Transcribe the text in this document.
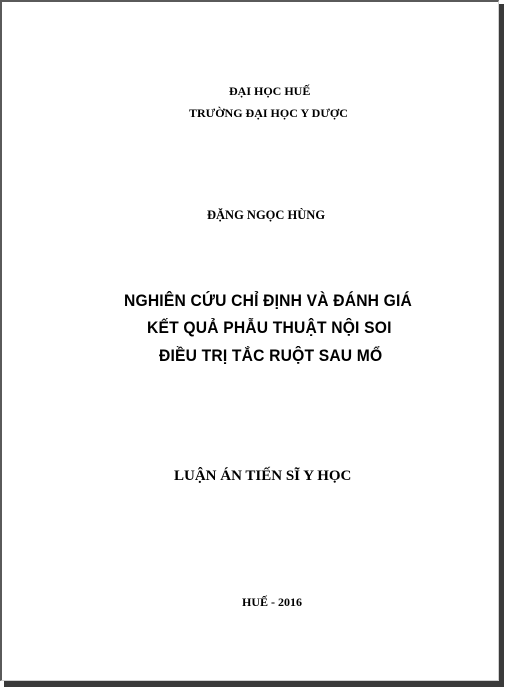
ĐẠI HỌC HUẾ
TRƯỜNG ĐẠI HỌC Y DƯỢC
ĐẶNG NGỌC HÙNG
NGHIÊN CỨU CHỈ ĐỊNH VÀ ĐÁNH GIÁ
KẾT QUẢ PHẪU THUẬT NỘI SOI
ĐIỀU TRỊ TẮC RUỘT SAU MỔ
LUẬN ÁN TIẾN SĨ Y HỌC
HUẾ - 2016
